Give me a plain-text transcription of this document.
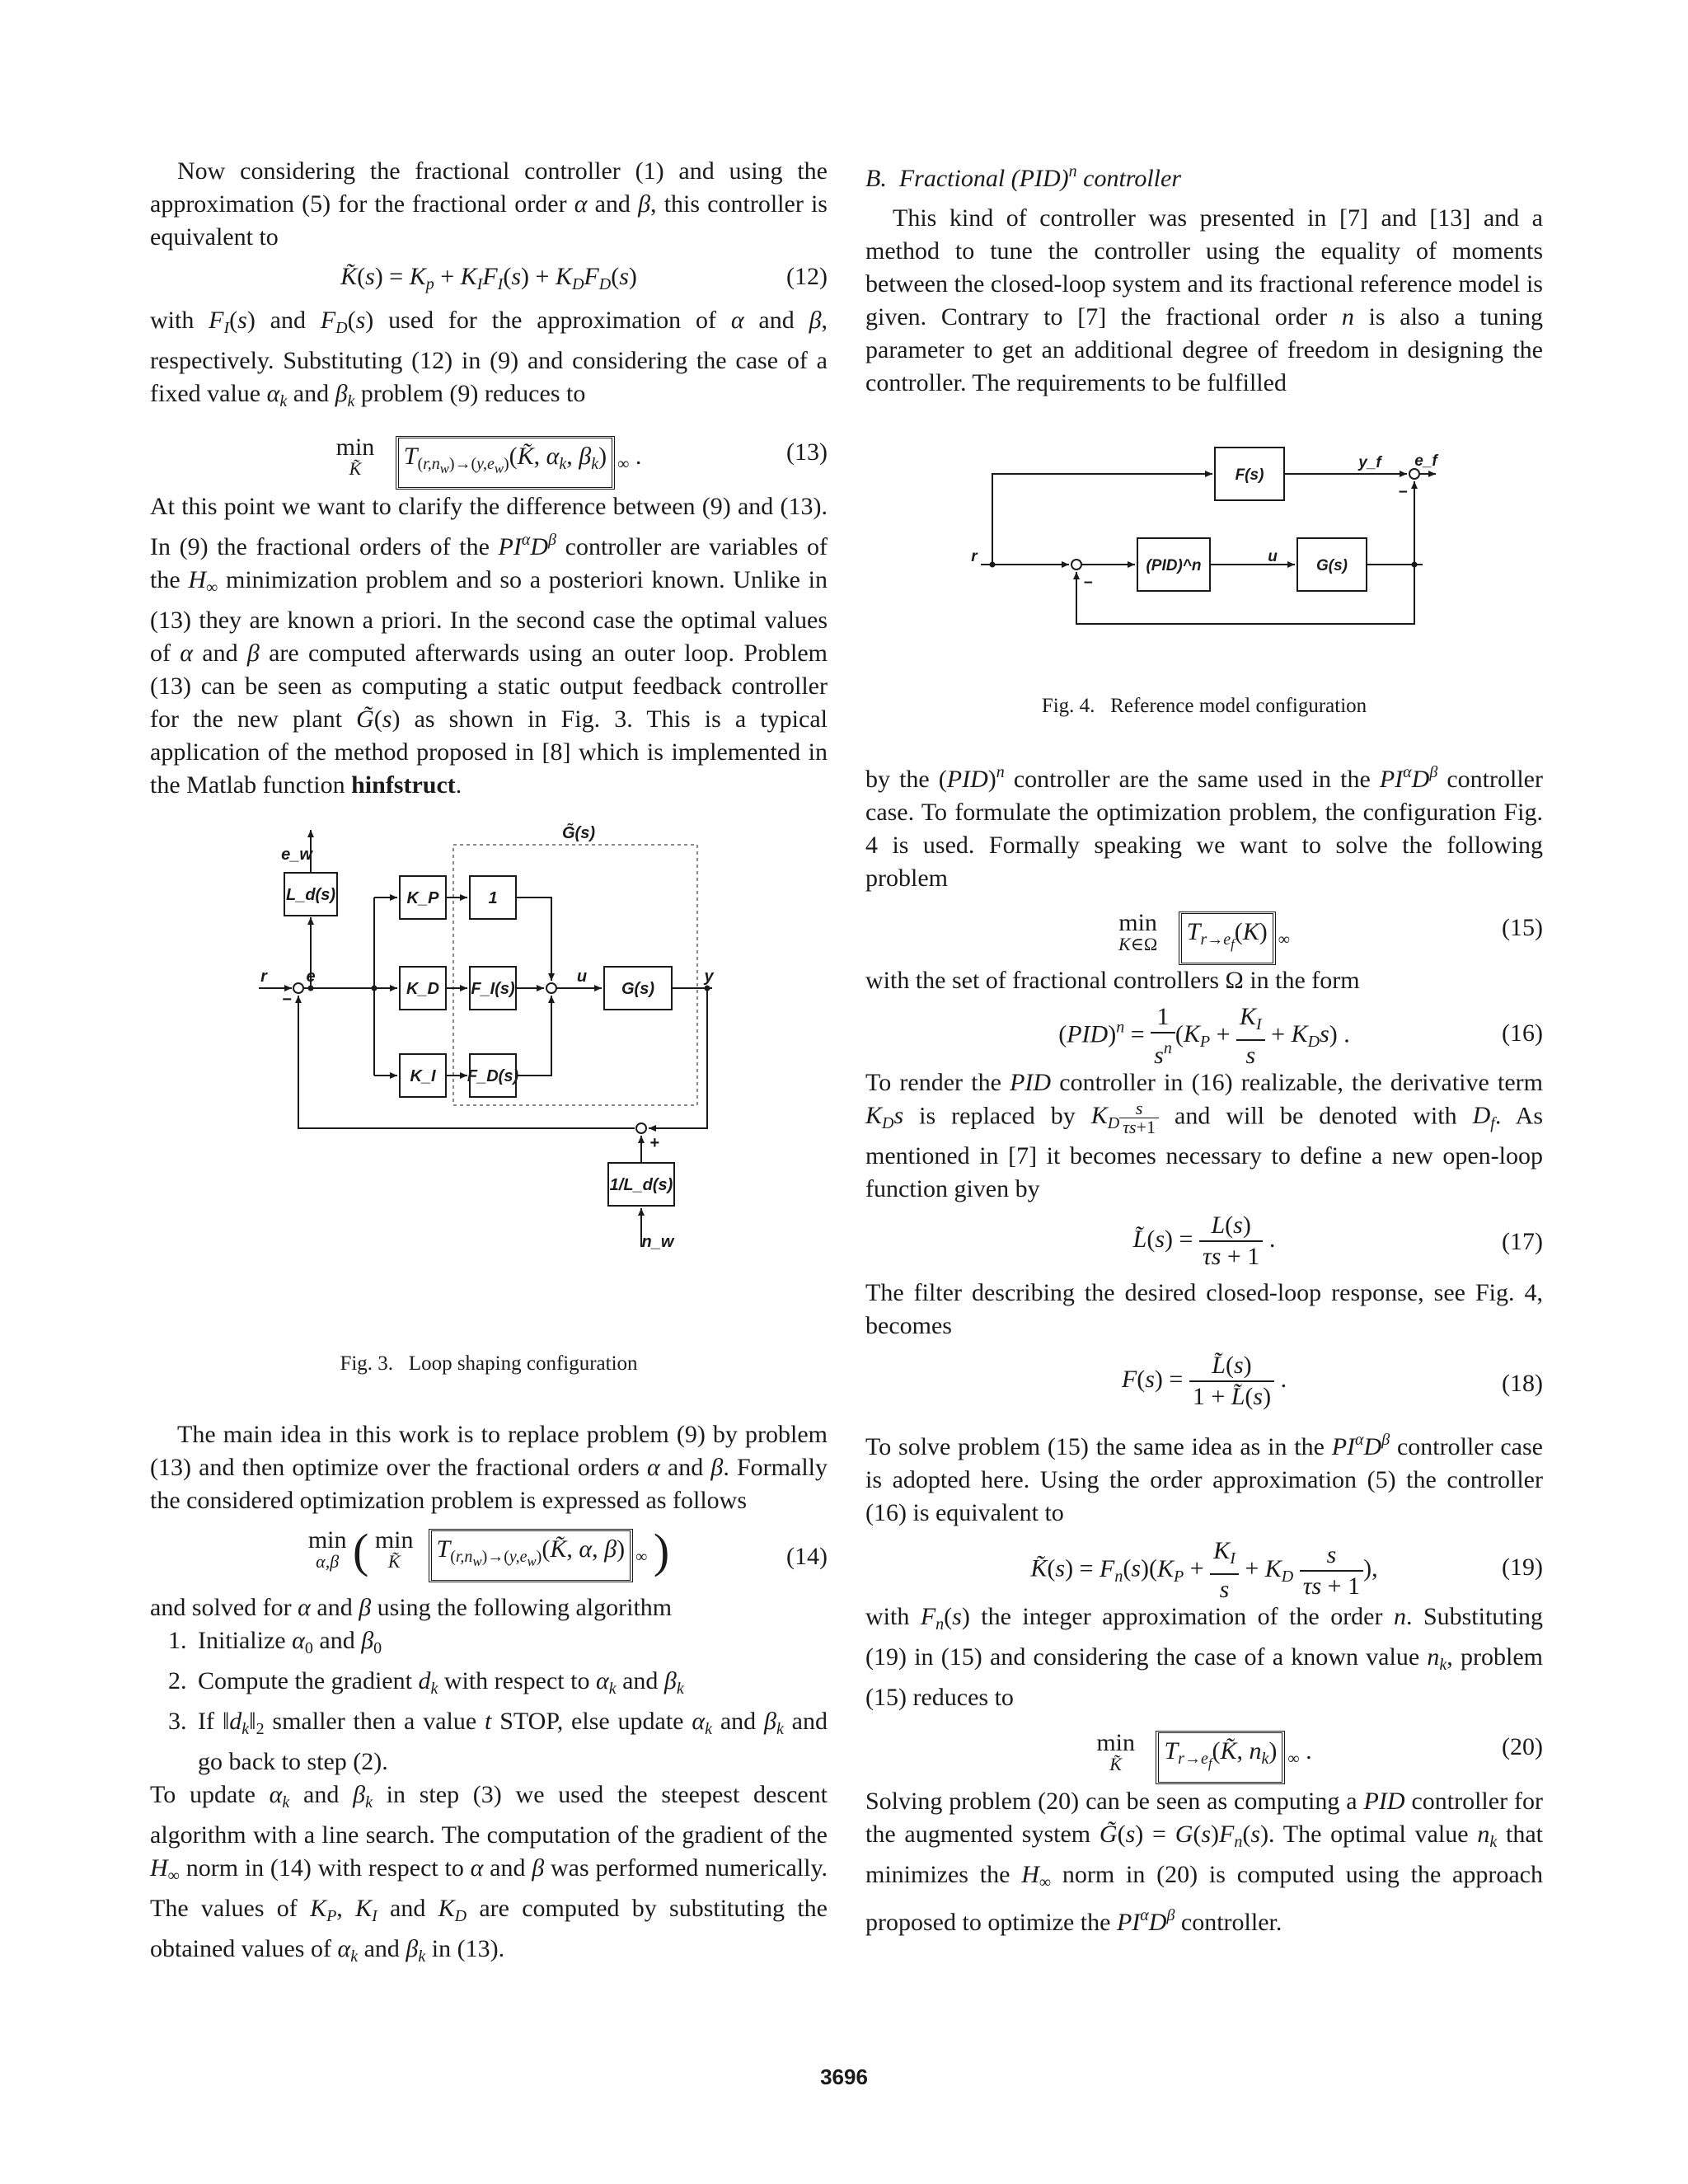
Now considering the fractional controller (1) and using the approximation (5) for the fractional order α and β, this controller is equivalent to

K̃(s) = $K_p + K_IF_I(s) + K_DF_D(s)$	(12)

with $F_I(s)$ and $F_D(s)$ used for the approximation of α and β, respectively. Substituting (12) in (9) and considering the case of a fixed value $\alpha_k$ and $\beta_k$ problem (9) reduces to

min
K̃	$T_{(r,n_w)\to(y,e_w)}(K̃$, $\alpha_k$, $\beta_k$) $_\infty$ .	(13)

At this point we want to clarify the difference between (9) and (13). In (9) the fractional orders of the $PI^\alpha D^\beta$ controller are variables of the $H_\infty$ minimization problem and so a posteriori known. Unlike in (13) they are known a priori. In the second case the optimal values of α and β are computed afterwards using an outer loop. Problem (13) can be seen as computing a static output feedback controller for the new plant G̃(s) as shown in Fig. 3. This is a typical application of the method proposed in [8] which is implemented in the Matlab function hinfstruct.

G̃(s)
L_d(s)	K_P	1
K_D F_I(s)	G(s)
K_I F_D(s)
1/L_d(s)
e_w
r e	u	y
n_w
−
+
Fig. 3.   Loop shaping configuration

The main idea in this work is to replace problem (9) by problem (13) and then optimize over the fractional orders α and β. Formally the considered optimization problem is expressed as follows

min
α,β ( min
K̃	$T_{(r,n_w)\to(y,e_w)}(K̃$, α, β) $_\infty$ )	(14)

and solved for α and β using the following algorithm

1. Initialize $\alpha_0$ and $\beta_0$
2. Compute the gradient $d_k$ with respect to $\alpha_k$ and $\beta_k$
3. If $‖d_k‖_2$ smaller then a value t STOP, else update $\alpha_k$ and $\beta_k$ and go back to step (2).

To update $\alpha_k$ and $\beta_k$ in step (3) we used the steepest descent algorithm with a line search. The computation of the gradient of the $H_\infty$ norm in (14) with respect to α and β was performed numerically. The values of $K_P$, $K_I$ and $K_D$ are computed by substituting the obtained values of $\alpha_k$ and $\beta_k$ in (13).

B.  Fractional (PID)$^n$ controller

This kind of controller was presented in [7] and [13] and a method to tune the controller using the equality of moments between the closed-loop system and its fractional reference model is given. Contrary to [7] the fractional order n is also a tuning parameter to get an additional degree of freedom in designing the controller. The requirements to be fulfilled

F(s)
(PID)^n	G(s)
y_f e_f
r	u
−
−
Fig. 4.   Reference model configuration

by the (PID)$^n$ controller are the same used in the $PI^\alpha D^\beta$ controller case. To formulate the optimization problem, the configuration Fig. 4 is used. Formally speaking we want to solve the following problem

min
K∈Ω $T_{r\to e_f}(K)$ $_\infty$	(15)

with the set of fractional controllers Ω in the form

$(PID)^n = \frac{1}{s^n} (K_P + \frac{K_I}{s} + K_Ds)$ .	(16)

To render the PID controller in (16) realizable, the derivative term $K_Ds$ is replaced by $K_D \frac{s}{\tau s+1}$ and will be denoted with $D_f$. As mentioned in [7] it becomes necessary to define a new open-loop function given by

L̃(s) = $\frac{L(s)}{\tau s + 1}$ .	(17)

The filter describing the desired closed-loop response, see Fig. 4, becomes

$F(s) = \frac{L̃(s)}{1 + L̃(s)}$ .	(18)

To solve problem (15) the same idea as in the $PI^\alpha D^\beta$ controller case is adopted here. Using the order approximation (5) the controller (16) is equivalent to

K̃(s) = $F_n(s)(K_P + \frac{K_I}{s} + K_D \frac{s}{\tau s + 1}$ ),	(19)

with $F_n(s)$ the integer approximation of the order n. Substituting (19) in (15) and considering the case of a known value $n_k$, problem (15) reduces to

min
K̃	$T_{r\to e_f}(K̃$, $n_k$) $_\infty$ .	(20)

Solving problem (20) can be seen as computing a PID controller for the augmented system G̃(s) = $G(s)F_n(s)$. The optimal value $n_k$ that minimizes the $H_\infty$ norm in (20) is computed using the approach proposed to optimize the $PI^\alpha D^\beta$ controller.

3696
